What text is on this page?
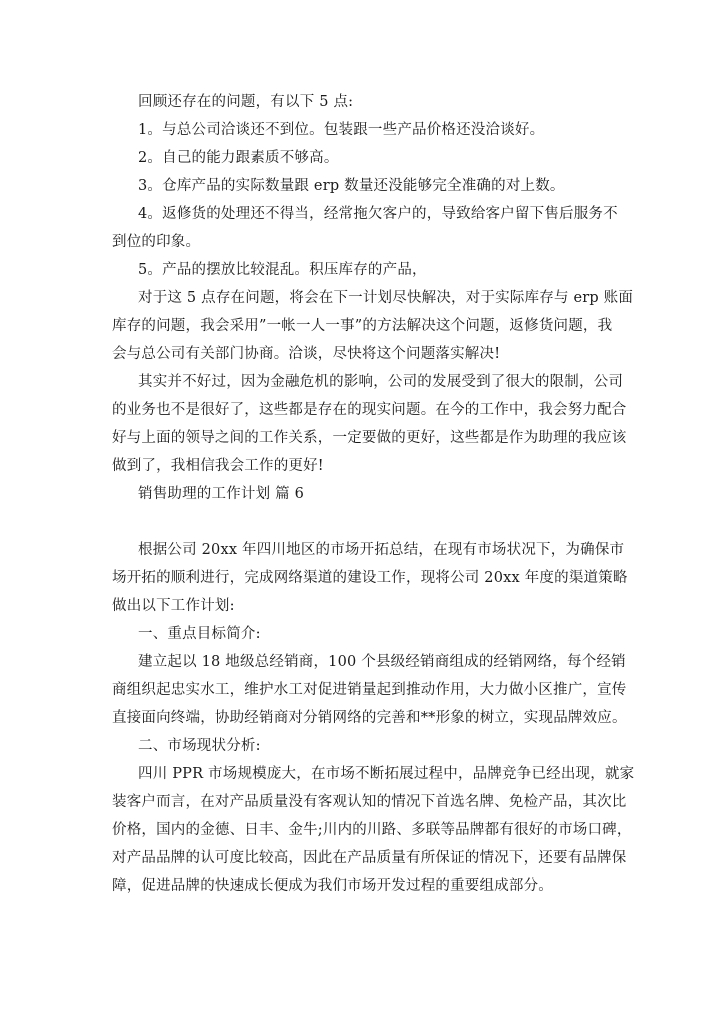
回顾还存在的问题，有以下 5 点:
1。与总公司洽谈还不到位。包装跟一些产品价格还没洽谈好。
2。自己的能力跟素质不够高。
3。仓库产品的实际数量跟 erp 数量还没能够完全准确的对上数。
4。返修货的处理还不得当，经常拖欠客户的，导致给客户留下售后服务不
到位的印象。
5。产品的摆放比较混乱。积压库存的产品，
对于这 5 点存在问题，将会在下一计划尽快解决，对于实际库存与 erp 账面
库存的问题，我会采用”一帐一人一事”的方法解决这个问题，返修货问题，我
会与总公司有关部门协商。洽谈，尽快将这个问题落实解决!
其实并不好过，因为金融危机的影响，公司的发展受到了很大的限制，公司
的业务也不是很好了，这些都是存在的现实问题。在今的工作中，我会努力配合
好与上面的领导之间的工作关系，一定要做的更好，这些都是作为助理的我应该
做到了，我相信我会工作的更好!
销售助理的工作计划 篇 6
根据公司 20xx 年四川地区的市场开拓总结，在现有市场状况下，为确保市
场开拓的顺利进行，完成网络渠道的建设工作，现将公司 20xx 年度的渠道策略
做出以下工作计划:
一、重点目标简介:
建立起以 18 地级总经销商，100 个县级经销商组成的经销网络，每个经销
商组织起忠实水工，维护水工对促进销量起到推动作用，大力做小区推广，宣传
直接面向终端，协助经销商对分销网络的完善和**形象的树立，实现品牌效应。
二、市场现状分析:
四川 PPR 市场规模庞大，在市场不断拓展过程中，品牌竞争已经出现，就家
装客户而言，在对产品质量没有客观认知的情况下首选名牌、免检产品，其次比
价格，国内的金德、日丰、金牛;川内的川路、多联等品牌都有很好的市场口碑，
对产品品牌的认可度比较高，因此在产品质量有所保证的情况下，还要有品牌保
障，促进品牌的快速成长便成为我们市场开发过程的重要组成部分。
